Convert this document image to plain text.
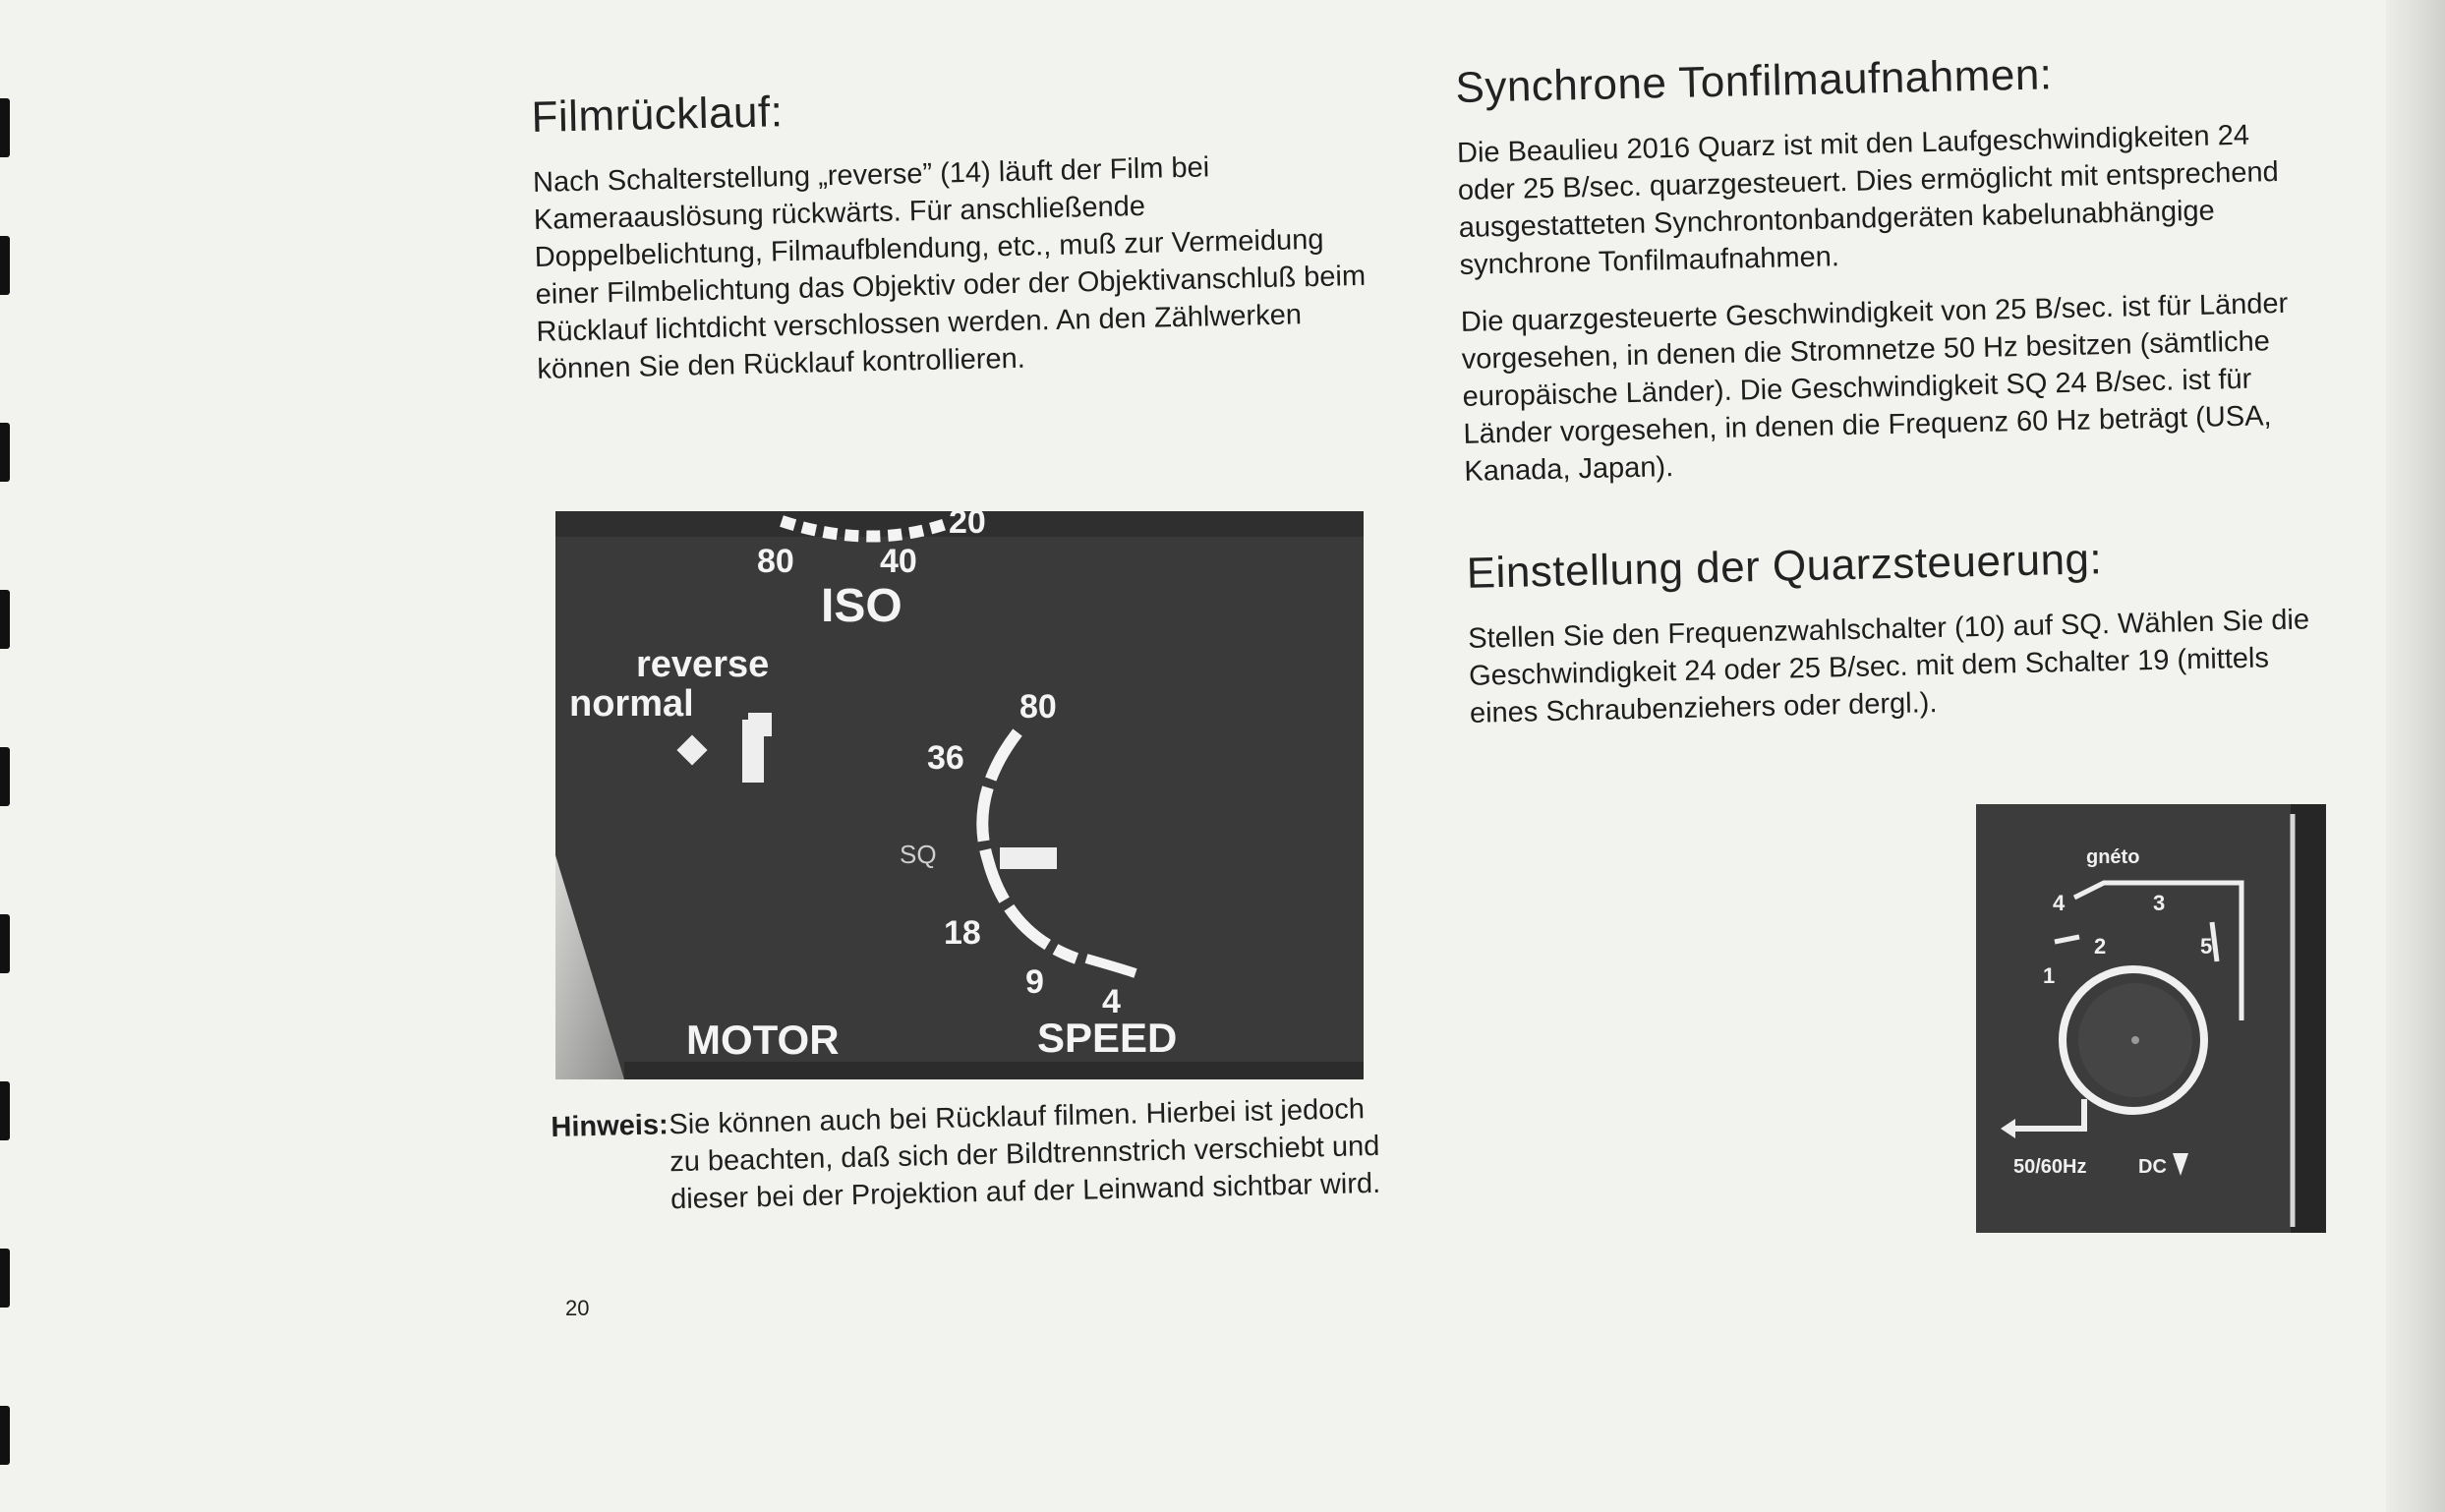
Filmrücklauf:

Nach Schalterstellung „reverse” (14) läuft der Film bei Kameraauslösung rückwärts. Für anschließende Doppelbelichtung, Filmaufblendung, etc., muß zur Vermeidung einer Filmbelichtung das Objektiv oder der Objektivanschluß beim Rücklauf lichtdicht verschlossen werden. An den Zählwerken können Sie den Rücklauf kontrollieren.

80	40
20
ISO
reverse
normal	80
36
SQ
18
9
4
MOTOR	SPEED
Hinweis: Sie können auch bei Rücklauf filmen. Hierbei ist jedoch zu beachten, daß sich der Bildtrennstrich verschiebt und dieser bei der Projektion auf der Leinwand sichtbar wird.
20
Synchrone Tonfilmaufnahmen:

Die Beaulieu 2016 Quarz ist mit den Laufgeschwindigkeiten 24 oder 25 B/sec. quarzgesteuert. Dies ermöglicht mit entsprechend ausgestatteten Synchrontonbandgeräten kabelunabhängige synchrone Tonfilmaufnahmen.

Die quarzgesteuerte Geschwindigkeit von 25 B/sec. ist für Länder vorgesehen, in denen die Stromnetze 50 Hz besitzen (sämtliche europäische Länder). Die Geschwindigkeit SQ 24 B/sec. ist für Länder vorgesehen, in denen die Frequenz 60 Hz beträgt (USA, Kanada, Japan).

Einstellung der Quarzsteuerung:

Stellen Sie den Frequenzwahlschalter (10) auf SQ. Wählen Sie die Geschwindigkeit 24 oder 25 B/sec. mit dem Schalter 19 (mittels eines Schraubenziehers oder dergl.).

gnéto
3
4
2	5
1
50/60Hz	DC
